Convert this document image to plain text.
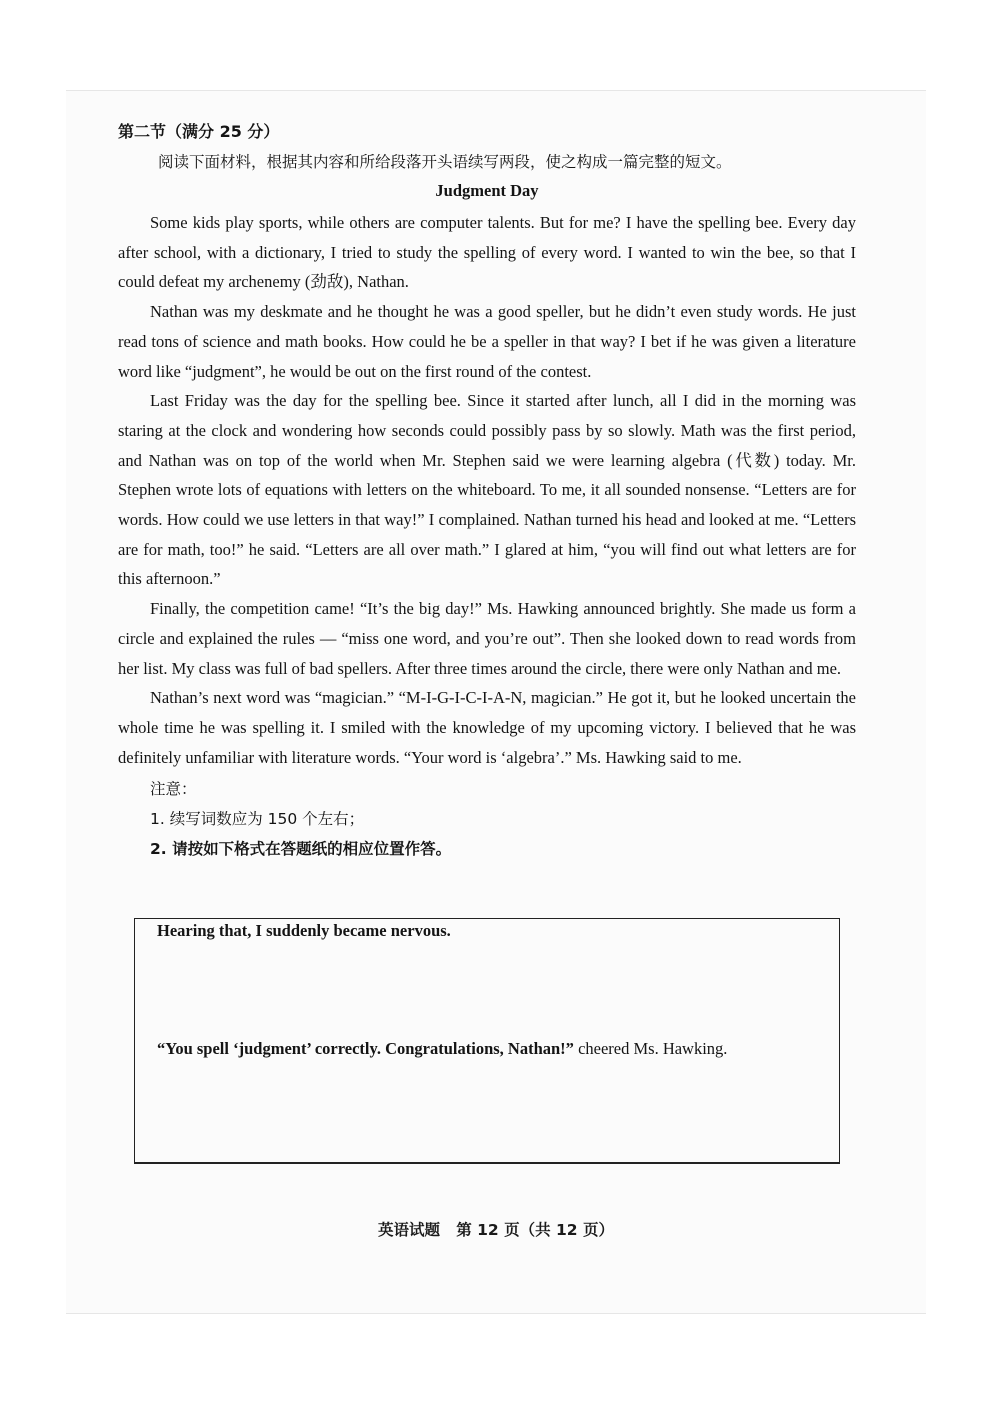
第二节（满分 25 分）

阅读下面材料，根据其内容和所给段落开头语续写两段，使之构成一篇完整的短文。

Judgment Day

Some kids play sports, while others are computer talents. But for me? I have the spelling bee. Every day after school, with a dictionary, I tried to study the spelling of every word. I wanted to win the bee, so that I could defeat my archenemy (劲敌), Nathan.

Nathan was my deskmate and he thought he was a good speller, but he didn’t even study words. He just read tons of science and math books. How could he be a speller in that way? I bet if he was given a literature word like “judgment”, he would be out on the first round of the contest.

Last Friday was the day for the spelling bee. Since it started after lunch, all I did in the morning was staring at the clock and wondering how seconds could possibly pass by so slowly. Math was the first period, and Nathan was on top of the world when Mr. Stephen said we were learning algebra (代数) today. Mr. Stephen wrote lots of equations with letters on the whiteboard. To me, it all sounded nonsense. “Letters are for words. How could we use letters in that way!” I complained. Nathan turned his head and looked at me. “Letters are for math, too!” he said. “Letters are all over math.” I glared at him, “you will find out what letters are for this afternoon.”

Finally, the competition came! “It’s the big day!” Ms. Hawking announced brightly. She made us form a circle and explained the rules — “miss one word, and you’re out”. Then she looked down to read words from her list. My class was full of bad spellers. After three times around the circle, there were only Nathan and me.

Nathan’s next word was “magician.” “M-I-G-I-C-I-A-N, magician.” He got it, but he looked uncertain the whole time he was spelling it. I smiled with the knowledge of my upcoming victory. I believed that he was definitely unfamiliar with literature words. “Your word is ‘algebra’.” Ms. Hawking said to me.

注意：
1. 续写词数应为 150 个左右；
2. 请按如下格式在答题纸的相应位置作答。
Hearing that, I suddenly became nervous.
“You spell ‘judgment’ correctly. Congratulations, Nathan!” cheered Ms. Hawking.
英语试题 第 12 页（共 12 页）
